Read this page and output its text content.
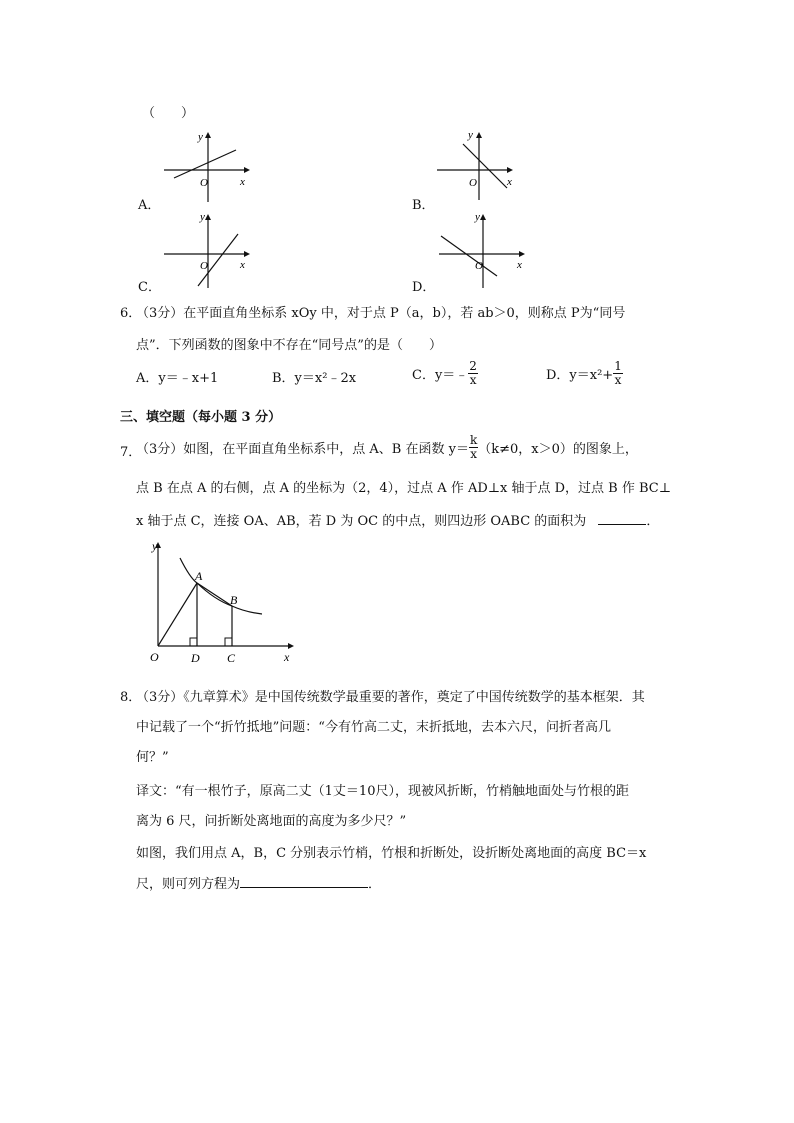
（　　）
y
x
O
A．
y
x
O
B．
y
x
O
C．
y
x
O
D．
6．
（3分）在平面直角坐标系 xOy 中，对于点 P（a，b），若 ab＞0，则称点 P为“同号
点”．下列函数的图象中不存在“同号点”的是（　　）
A．y＝﹣x+1	B．y＝x²﹣2x	C．y＝﹣ $\frac{2}{x}$	D．$y=x^2+ \frac{1}{x}$
三、填空题（每小题 3 分）
7．
（3分）如图，在平面直角坐标系中，点 A、B 在函数 $y= \frac{k}{x} (k\ne 0$，x＞0）的图象上，
点 B 在点 A 的右侧，点 A 的坐标为（2，4），过点 A 作 AD⊥x 轴于点 D，过点 B 作 BC⊥
x 轴于点 C，连接 OA、AB，若 D 为 OC 的中点，则四边形 OABC 的面积为	．
y
x
O
A
B
D C
8．
（3分）《九章算术》是中国传统数学最重要的著作，奠定了中国传统数学的基本框架．其
中记载了一个“折竹抵地”问题：“今有竹高二丈，末折抵地，去本六尺，问折者高几
何？”
译文：“有一根竹子，原高二丈（1丈＝10尺），现被风折断，竹梢触地面处与竹根的距
离为 6 尺，问折断处离地面的高度为多少尺？”
如图，我们用点 A，B，C 分别表示竹梢，竹根和折断处，设折断处离地面的高度 BC＝x
尺，则可列方程为	．
